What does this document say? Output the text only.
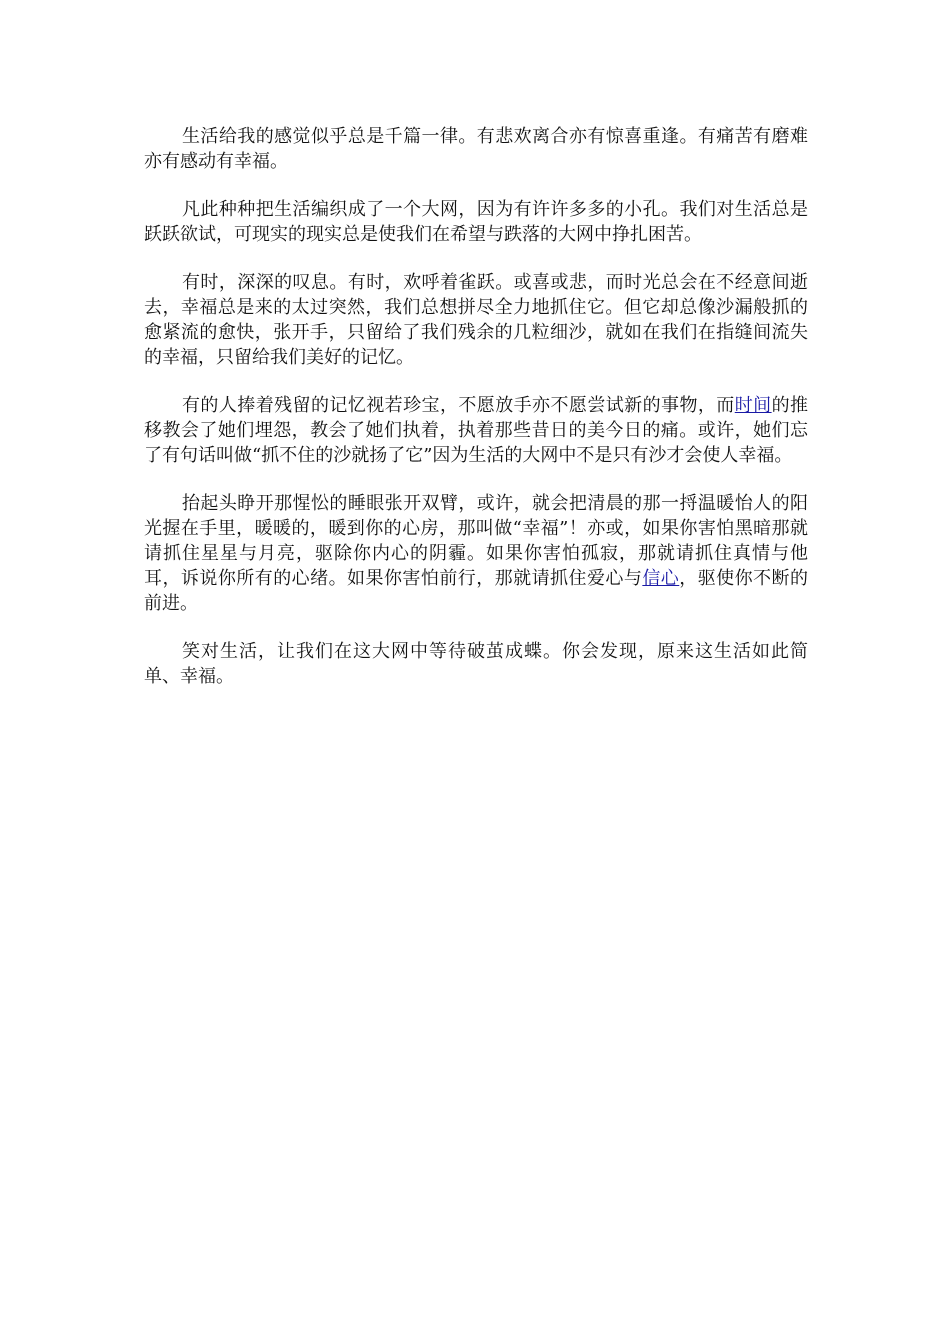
生活给我的感觉似乎总是千篇一律。有悲欢离合亦有惊喜重逢。有痛苦有磨难亦有感动有幸福。

凡此种种把生活编织成了一个大网，因为有许许多多的小孔。我们对生活总是跃跃欲试，可现实的现实总是使我们在希望与跌落的大网中挣扎困苦。

有时，深深的叹息。有时，欢呼着雀跃。或喜或悲，而时光总会在不经意间逝去，幸福总是来的太过突然，我们总想拼尽全力地抓住它。但它却总像沙漏般抓的愈紧流的愈快，张开手，只留给了我们残余的几粒细沙，就如在我们在指缝间流失的幸福，只留给我们美好的记忆。

有的人捧着残留的记忆视若珍宝，不愿放手亦不愿尝试新的事物，而时间的推移教会了她们埋怨，教会了她们执着，执着那些昔日的美今日的痛。或许，她们忘了有句话叫做“抓不住的沙就扬了它”因为生活的大网中不是只有沙才会使人幸福。

抬起头睁开那惺忪的睡眼张开双臂，或许，就会把清晨的那一捋温暖怡人的阳光握在手里，暖暖的，暖到你的心房，那叫做“幸福”！亦或，如果你害怕黑暗那就请抓住星星与月亮，驱除你内心的阴霾。如果你害怕孤寂，那就请抓住真情与他耳，诉说你所有的心绪。如果你害怕前行，那就请抓住爱心与信心，驱使你不断的前进。

笑对生活，让我们在这大网中等待破茧成蝶。你会发现，原来这生活如此简单、幸福。
